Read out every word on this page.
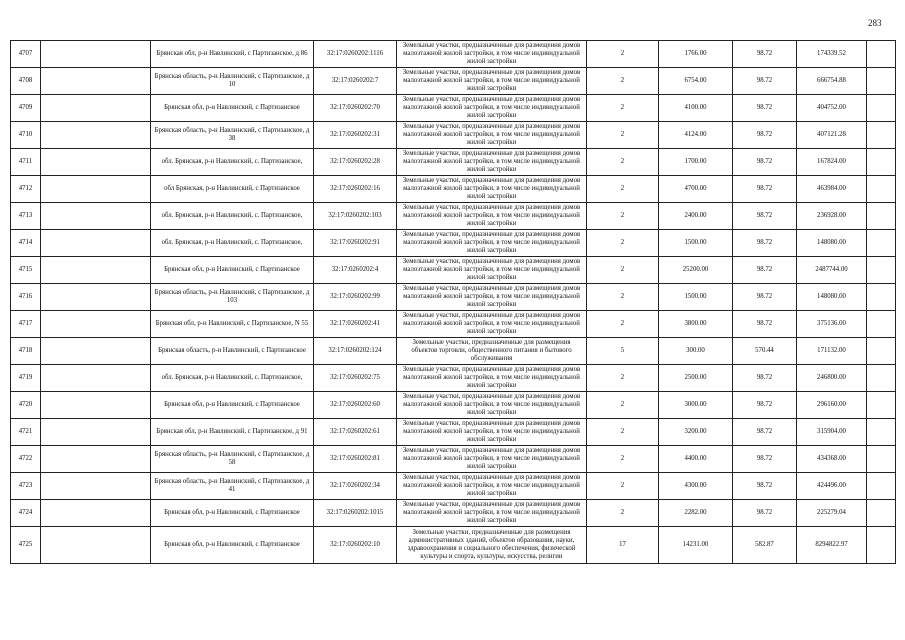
283
4707		Брянская обл, р-н Навлинский, с Партизанское, д 86	32:17:0260202:1116	Земельные участки, предназначенные для размещения домов малоэтажной жилой застройки, в том числе индивидуальной жилой застройки	2	1766.00	98.72	174339.52	
4708		Брянская область, р-н Навлинский, с Партизанское, д 10	32:17:0260202:7	Земельные участки, предназначенные для размещения домов малоэтажной жилой застройки, в том числе индивидуальной жилой застройки	2	6754.00	98.72	666754.88	
4709		Брянская обл, р-н Навлинский, с Партизанское	32:17:0260202:70	Земельные участки, предназначенные для размещения домов малоэтажной жилой застройки, в том числе индивидуальной жилой застройки	2	4100.00	98.72	404752.00	
4710		Брянская область, р-н Навлинский, с Партизанское, д 38	32:17:0260202:31	Земельные участки, предназначенные для размещения домов малоэтажной жилой застройки, в том числе индивидуальной жилой застройки	2	4124.00	98.72	407121.28	
4711		обл. Брянская, р-н Навлинский, с. Партизанское,	32:17:0260202:28	Земельные участки, предназначенные для размещения домов малоэтажной жилой застройки, в том числе индивидуальной жилой застройки	2	1700.00	98.72	167824.00	
4712		обл Брянская, р-н Навлинский, с Партизанское	32:17:0260202:16	Земельные участки, предназначенные для размещения домов малоэтажной жилой застройки, в том числе индивидуальной жилой застройки	2	4700.00	98.72	463984.00	
4713		обл. Брянская, р-н Навлинский, с. Партизанское,	32:17:0260202:103	Земельные участки, предназначенные для размещения домов малоэтажной жилой застройки, в том числе индивидуальной жилой застройки	2	2400.00	98.72	236928.00	
4714		обл. Брянская, р-н Навлинский, с. Партизанское,	32:17:0260202:91	Земельные участки, предназначенные для размещения домов малоэтажной жилой застройки, в том числе индивидуальной жилой застройки	2	1500.00	98.72	148080.00	
4715		Брянская обл, р-н Навлинский, с Партизанское	32:17:0260202:4	Земельные участки, предназначенные для размещения домов малоэтажной жилой застройки, в том числе индивидуальной жилой застройки	2	25200.00	98.72	2487744.00	
4716		Брянская область, р-н Навлинский, с Партизанское, д 103	32:17:0260202:99	Земельные участки, предназначенные для размещения домов малоэтажной жилой застройки, в том числе индивидуальной жилой застройки	2	1500.00	98.72	148080.00	
4717		Брянская обл, р-н Навлинский, с Партизанское, N 55	32:17:0260202:41	Земельные участки, предназначенные для размещения домов малоэтажной жилой застройки, в том числе индивидуальной жилой застройки	2	3800.00	98.72	375136.00	
4718		Брянская область, р-н Навлинский, с Партизанское	32:17:0260202:124	Земельные участки, предназначенные для размещения объектов торговли, общественного питания и бытового обслуживания	5	300.00	570.44	171132.00	
4719		обл. Брянская, р-н Навлинский, с. Партизанское,	32:17:0260202:75	Земельные участки, предназначенные для размещения домов малоэтажной жилой застройки, в том числе индивидуальной жилой застройки	2	2500.00	98.72	246800.00	
4720		Брянская обл, р-н Навлинский, с Партизанское	32:17:0260202:60	Земельные участки, предназначенные для размещения домов малоэтажной жилой застройки, в том числе индивидуальной жилой застройки	2	3000.00	98.72	296160.00	
4721		Брянская обл, р-н Навлинский, с Партизанское, д 91	32:17:0260202:61	Земельные участки, предназначенные для размещения домов малоэтажной жилой застройки, в том числе индивидуальной жилой застройки	2	3200.00	98.72	315904.00	
4722		Брянская область, р-н Навлинский, с Партизанское, д 58	32:17:0260202:81	Земельные участки, предназначенные для размещения домов малоэтажной жилой застройки, в том числе индивидуальной жилой застройки	2	4400.00	98.72	434368.00	
4723		Брянская область, р-н Навлинский, с Партизанское, д 41	32:17:0260202:34	Земельные участки, предназначенные для размещения домов малоэтажной жилой застройки, в том числе индивидуальной жилой застройки	2	4300.00	98.72	424496.00	
4724		Брянская обл, р-н Навлинский, с Партизанское	32:17:0260202:1015	Земельные участки, предназначенные для размещения домов малоэтажной жилой застройки, в том числе индивидуальной жилой застройки	2	2282.00	98.72	225279.04	
4725		Брянская обл, р-н Навлинский, с Партизанское	32:17:0260202:10	Земельные участки, предназначенные для размещения административных зданий, объектов образования, науки, здравоохранения и социального обеспечения, физической культуры и спорта, культуры, искусства, религии	17	14231.00	582.87	8294822.97	
